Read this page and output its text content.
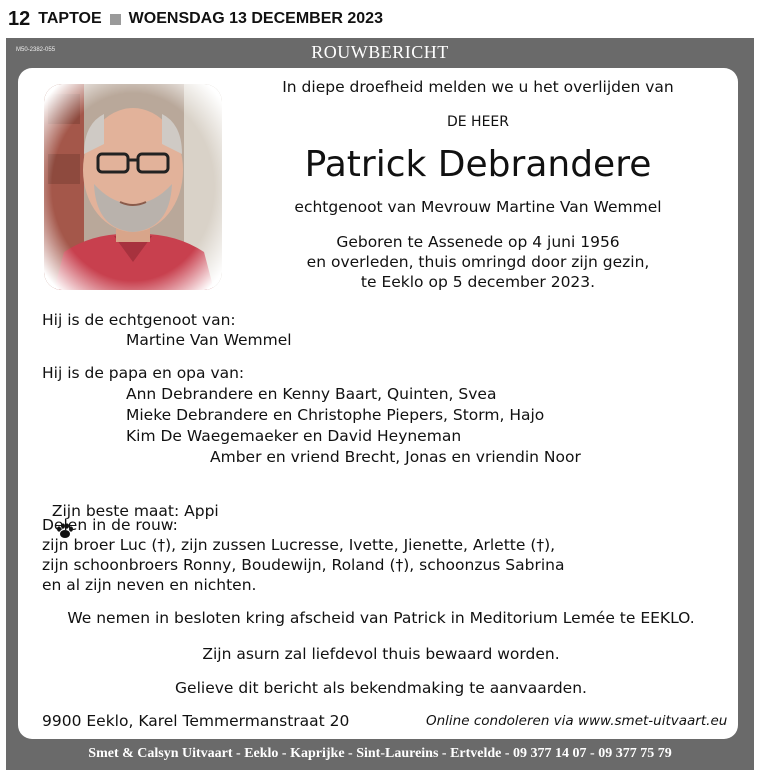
12 TAPTOE WOENSDAG 13 DECEMBER 2023
M50-2382-055	ROUWBERICHT
Smet & Calsyn Uitvaart - Eeklo - Kaprijke - Sint-Laureins - Ertvelde - 09 377 14 07 - 09 377 75 79
In diepe droefheid melden we u het overlijden van
DE HEER
Patrick Debrandere
echtgenoot van Mevrouw Martine Van Wemmel
Geboren te Assenede op 4 juni 1956
en overleden, thuis omringd door zijn gezin,
te Eeklo op 5 december 2023.
Hij is de echtgenoot van:
Martine Van Wemmel
Hij is de papa en opa van:
Ann Debrandere en Kenny Baart, Quinten, Svea
Mieke Debrandere en Christophe Piepers, Storm, Hajo
Kim De Waegemaeker en David Heyneman
Amber en vriend Brecht, Jonas en vriendin Noor

Zijn beste maat: Appi

Delen in de rouw:
zijn broer Luc (†), zijn zussen Lucresse, Ivette, Jienette, Arlette (†),
zijn schoonbroers Ronny, Boudewijn, Roland (†), schoonzus Sabrina
en al zijn neven en nichten.
We nemen in besloten kring afscheid van Patrick in Meditorium Lemée te EEKLO.
Zijn asurn zal liefdevol thuis bewaard worden.
Gelieve dit bericht als bekendmaking te aanvaarden.
9900 Eeklo, Karel Temmermanstraat 20	Online condoleren via www.smet-uitvaart.eu
